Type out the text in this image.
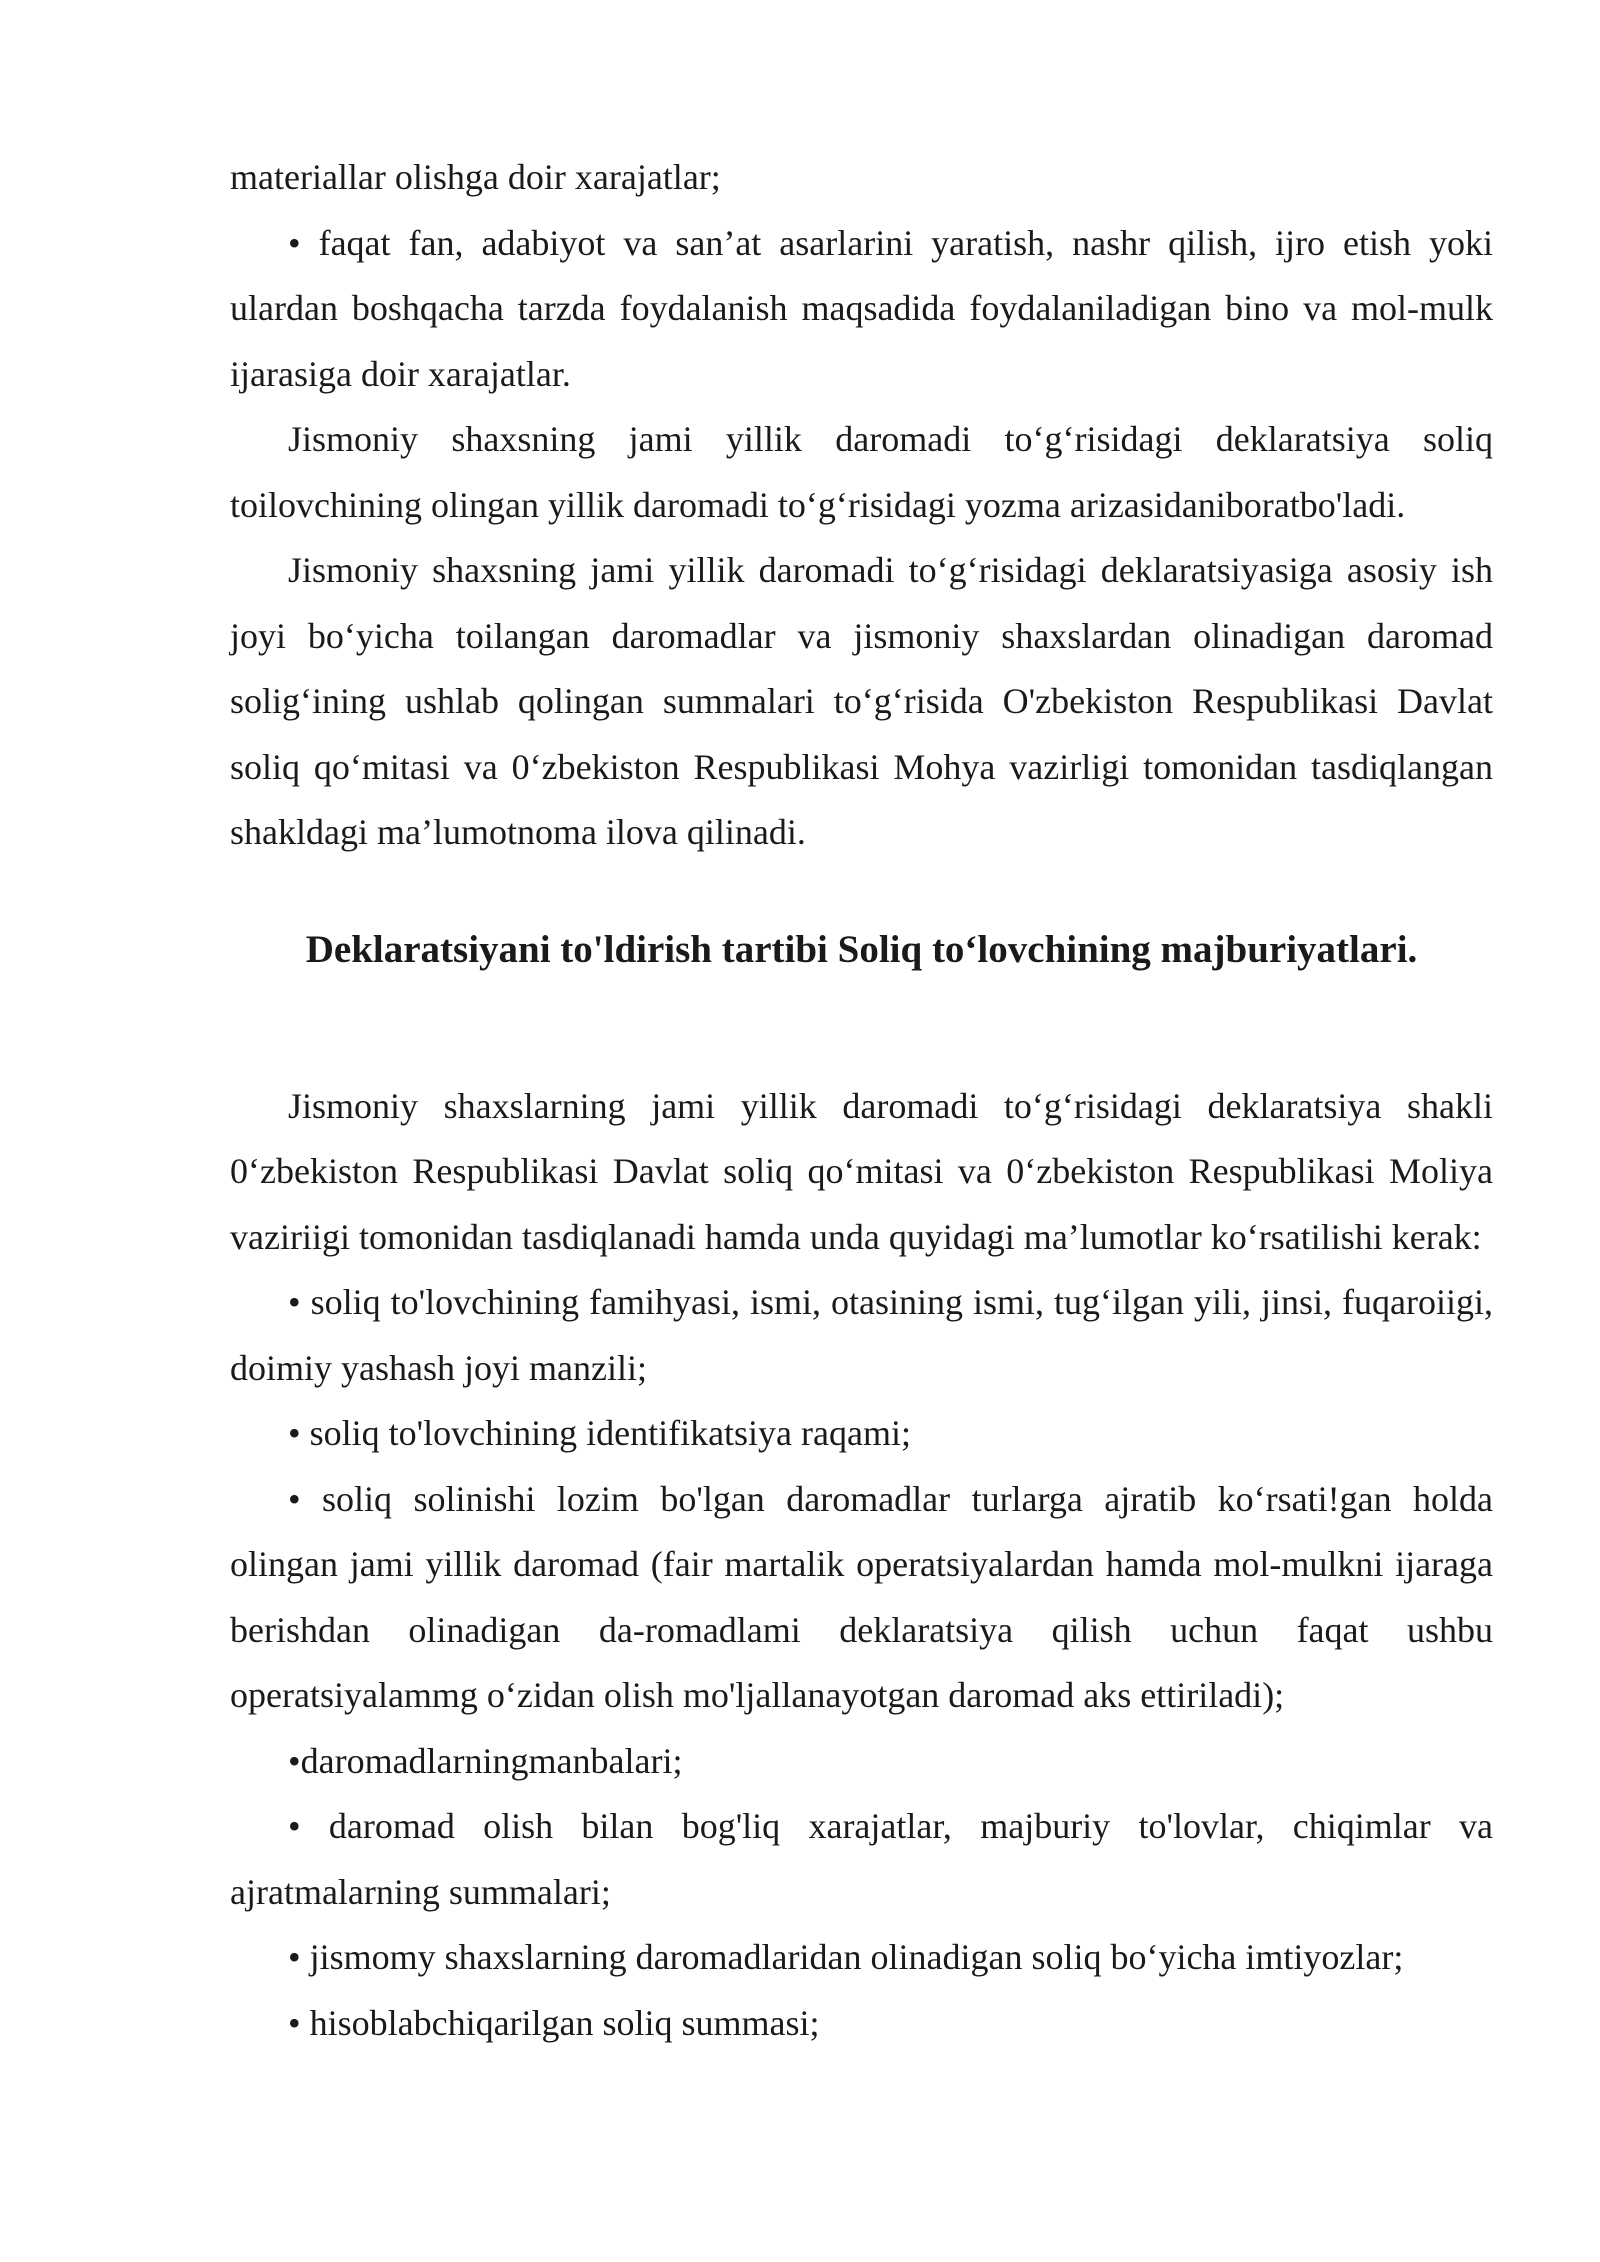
materiallar olishga doir xarajatlar;

• faqat fan, adabiyot va san’at asarlarini yaratish, nashr qilish, ijro etish yoki ulardan boshqacha tarzda foydalanish maqsadida foydalaniladigan bino va mol-mulk ijarasiga doir xarajatlar.

Jismoniy shaxsning jami yillik daromadi to‘g‘risidagi deklaratsiya soliq toilovchining olingan yillik daromadi to‘g‘risidagi yozma arizasidaniboratbo'ladi.

Jismoniy shaxsning jami yillik daromadi to‘g‘risidagi deklaratsiyasiga asosiy ish joyi bo‘yicha toilangan daromadlar va jismoniy shaxslardan olinadigan daromad solig‘ining ushlab qolingan summalari to‘g‘risida O'zbekiston Respublikasi Davlat soliq qo‘mitasi va 0‘zbekiston Respublikasi Mohya vazirligi tomonidan tasdiqlangan shakldagi ma’lumotnoma ilova qilinadi.

Deklaratsiyani to'ldirish tartibi Soliq to‘lovchining majburiyatlari.

Jismoniy shaxslarning jami yillik daromadi to‘g‘risidagi deklaratsiya shakli 0‘zbekiston Respublikasi Davlat soliq qo‘mitasi va 0‘zbekiston Respublikasi Moliya vaziriigi tomonidan tasdiqlanadi hamda unda quyidagi ma’lumotlar ko‘rsatilishi kerak:

• soliq to'lovchining famihyasi, ismi, otasining ismi, tug‘ilgan yili, jinsi, fuqaroiigi, doimiy yashash joyi manzili;

• soliq to'lovchining identifikatsiya raqami;

• soliq solinishi lozim bo'lgan daromadlar turlarga ajratib ko‘rsati!gan holda olingan jami yillik daromad (fair martalik operatsiyalardan hamda mol-mulkni ijaraga berishdan olinadigan da-romadlami deklaratsiya qilish uchun faqat ushbu operatsiyalammg o‘zidan olish mo'ljallanayotgan daromad aks ettiriladi);

•daromadlarningmanbalari;

• daromad olish bilan bog'liq xarajatlar, majburiy to'lovlar, chiqimlar va ajratmalarning summalari;

• jismomy shaxslarning daromadlaridan olinadigan soliq bo‘yicha imtiyozlar;

• hisoblabchiqarilgan soliq summasi;
